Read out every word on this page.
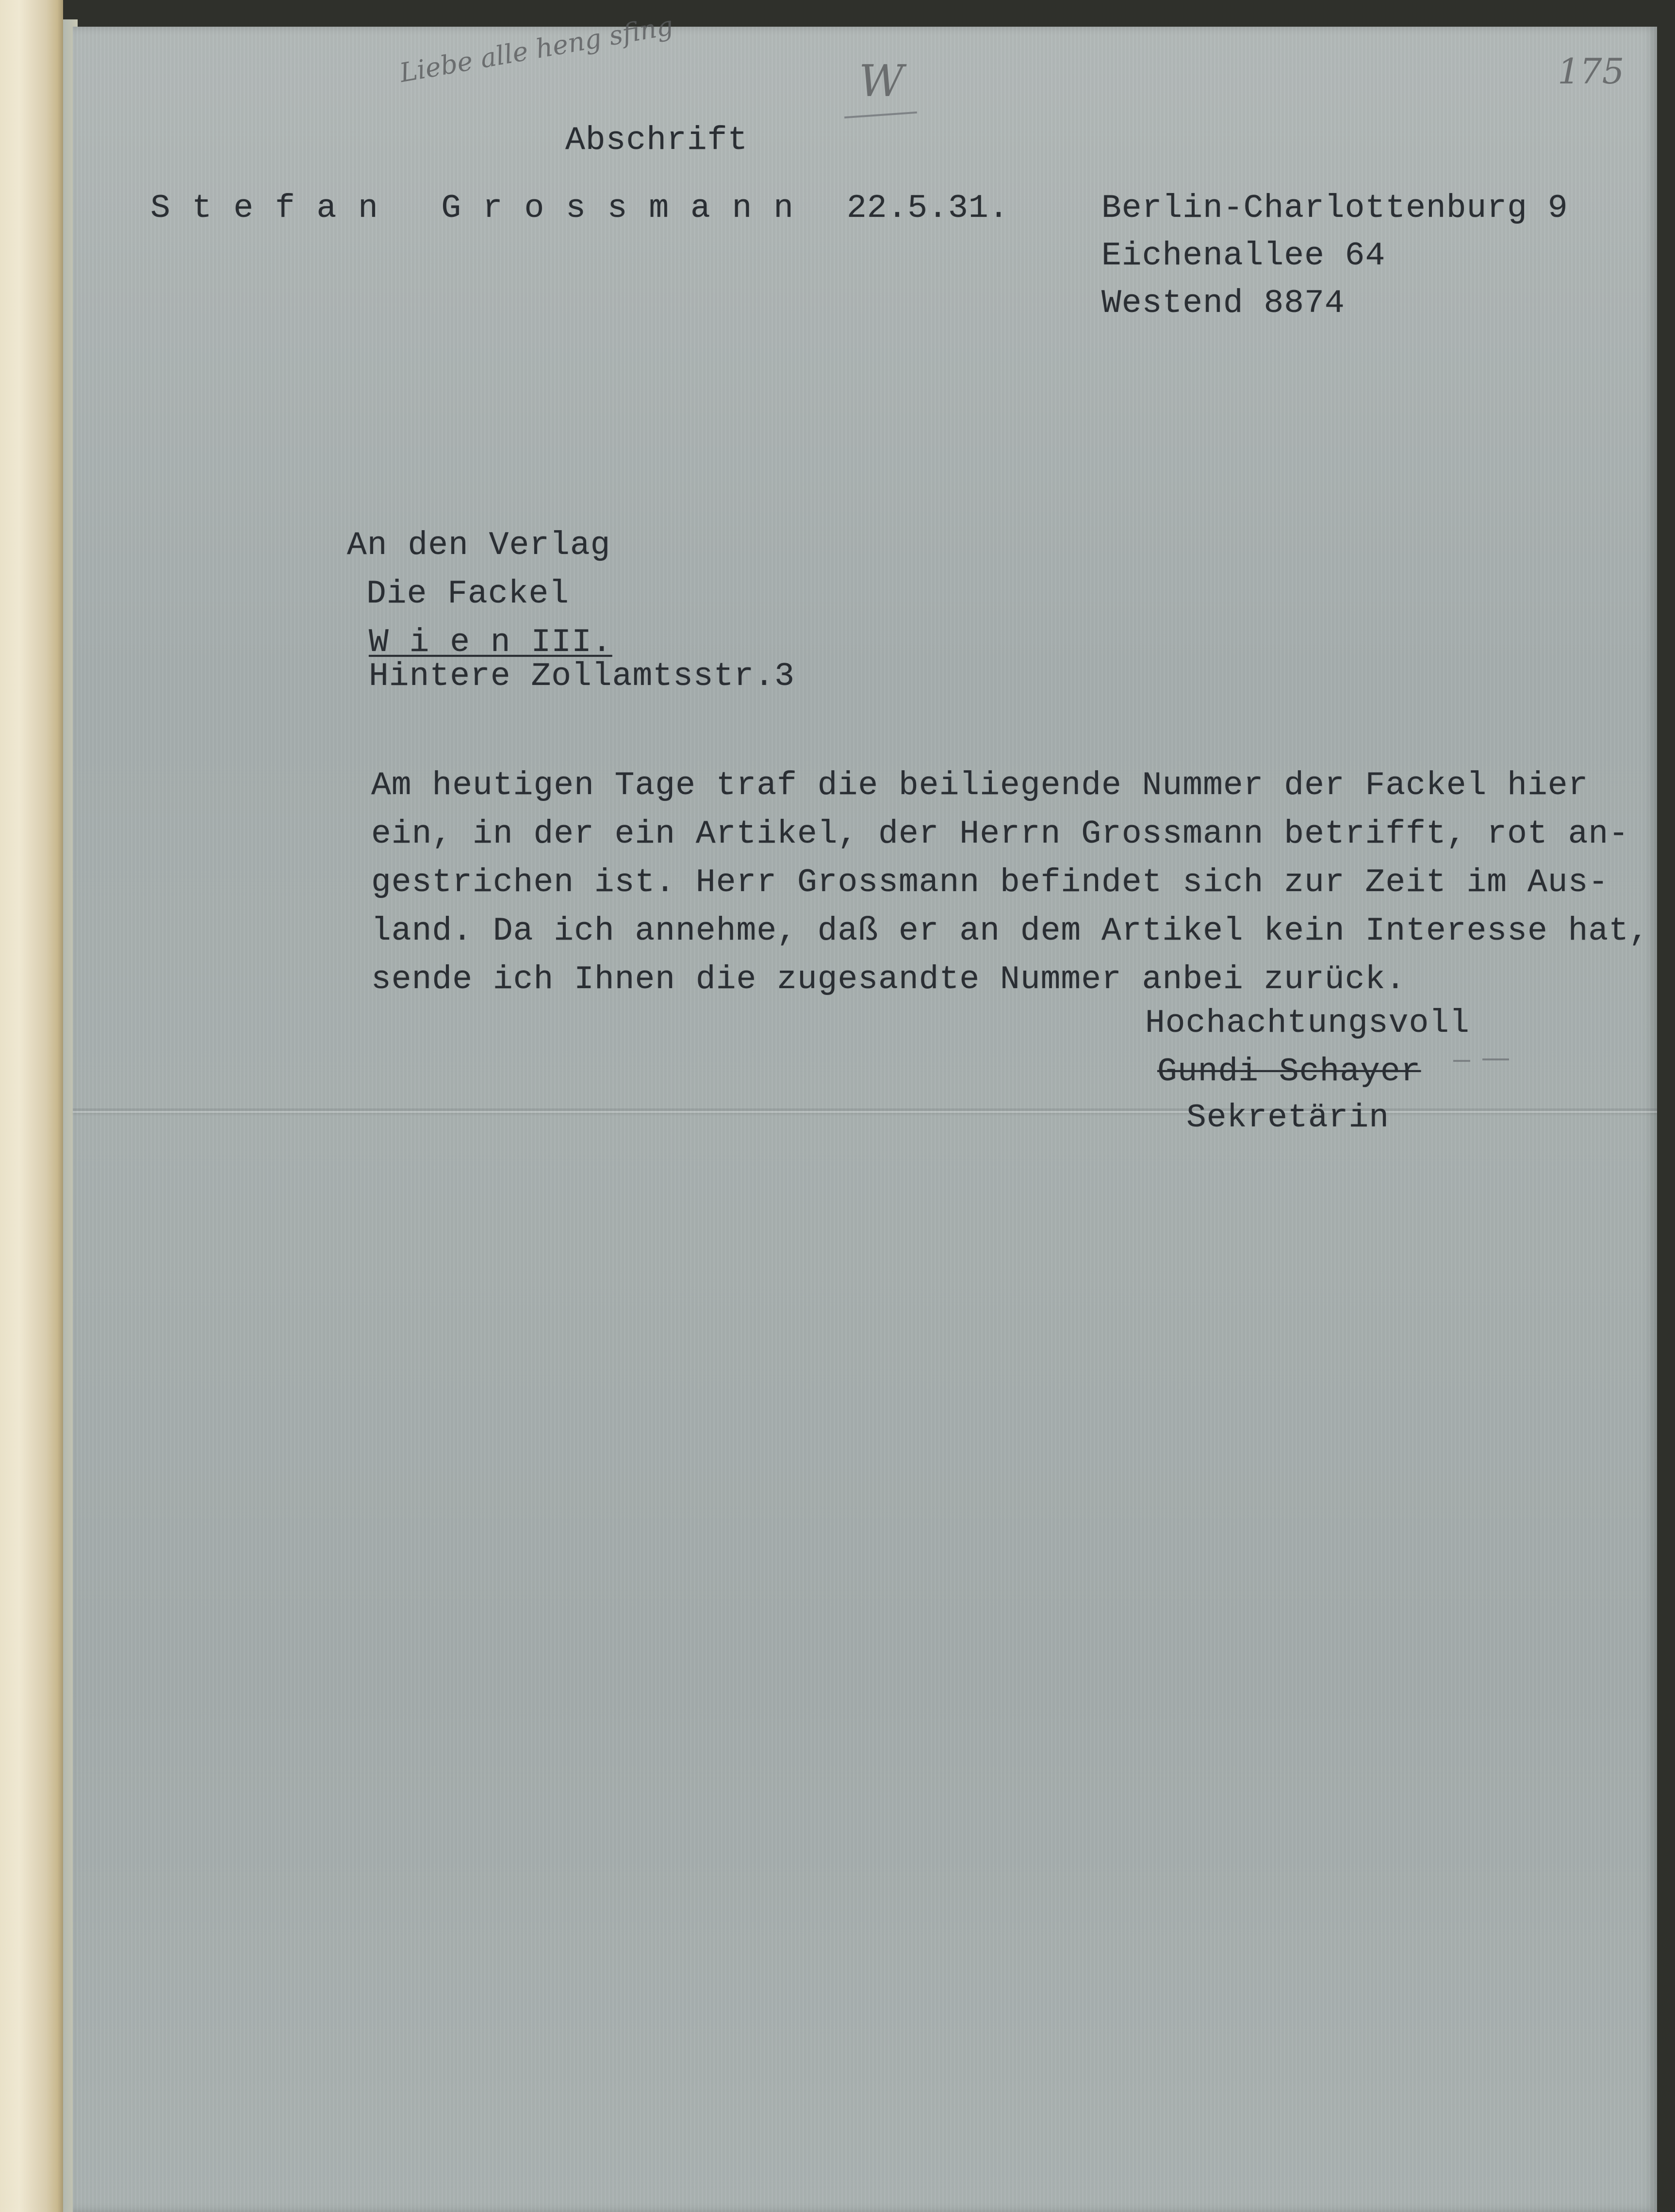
Liebe alle heng sfing	W	175
Abschrift
S t e f a n   G r o s s m a n n 22.5.31.	Berlin-Charlottenburg 9
Eichenallee 64
Westend 8874
An den Verlag
Die Fackel
W i e n III.
Hintere Zollamtsstr.3
Am heutigen Tage traf die beiliegende Nummer der Fackel hier
ein, in der ein Artikel, der Herrn Grossmann betrifft, rot an-
gestrichen ist. Herr Grossmann befindet sich zur Zeit im Aus-
land. Da ich annehme, daß er an dem Artikel kein Interesse hat,
sende ich Ihnen die zugesandte Nummer anbei zurück.
Hochachtungsvoll
Gundi Schayer
Sekretärin
